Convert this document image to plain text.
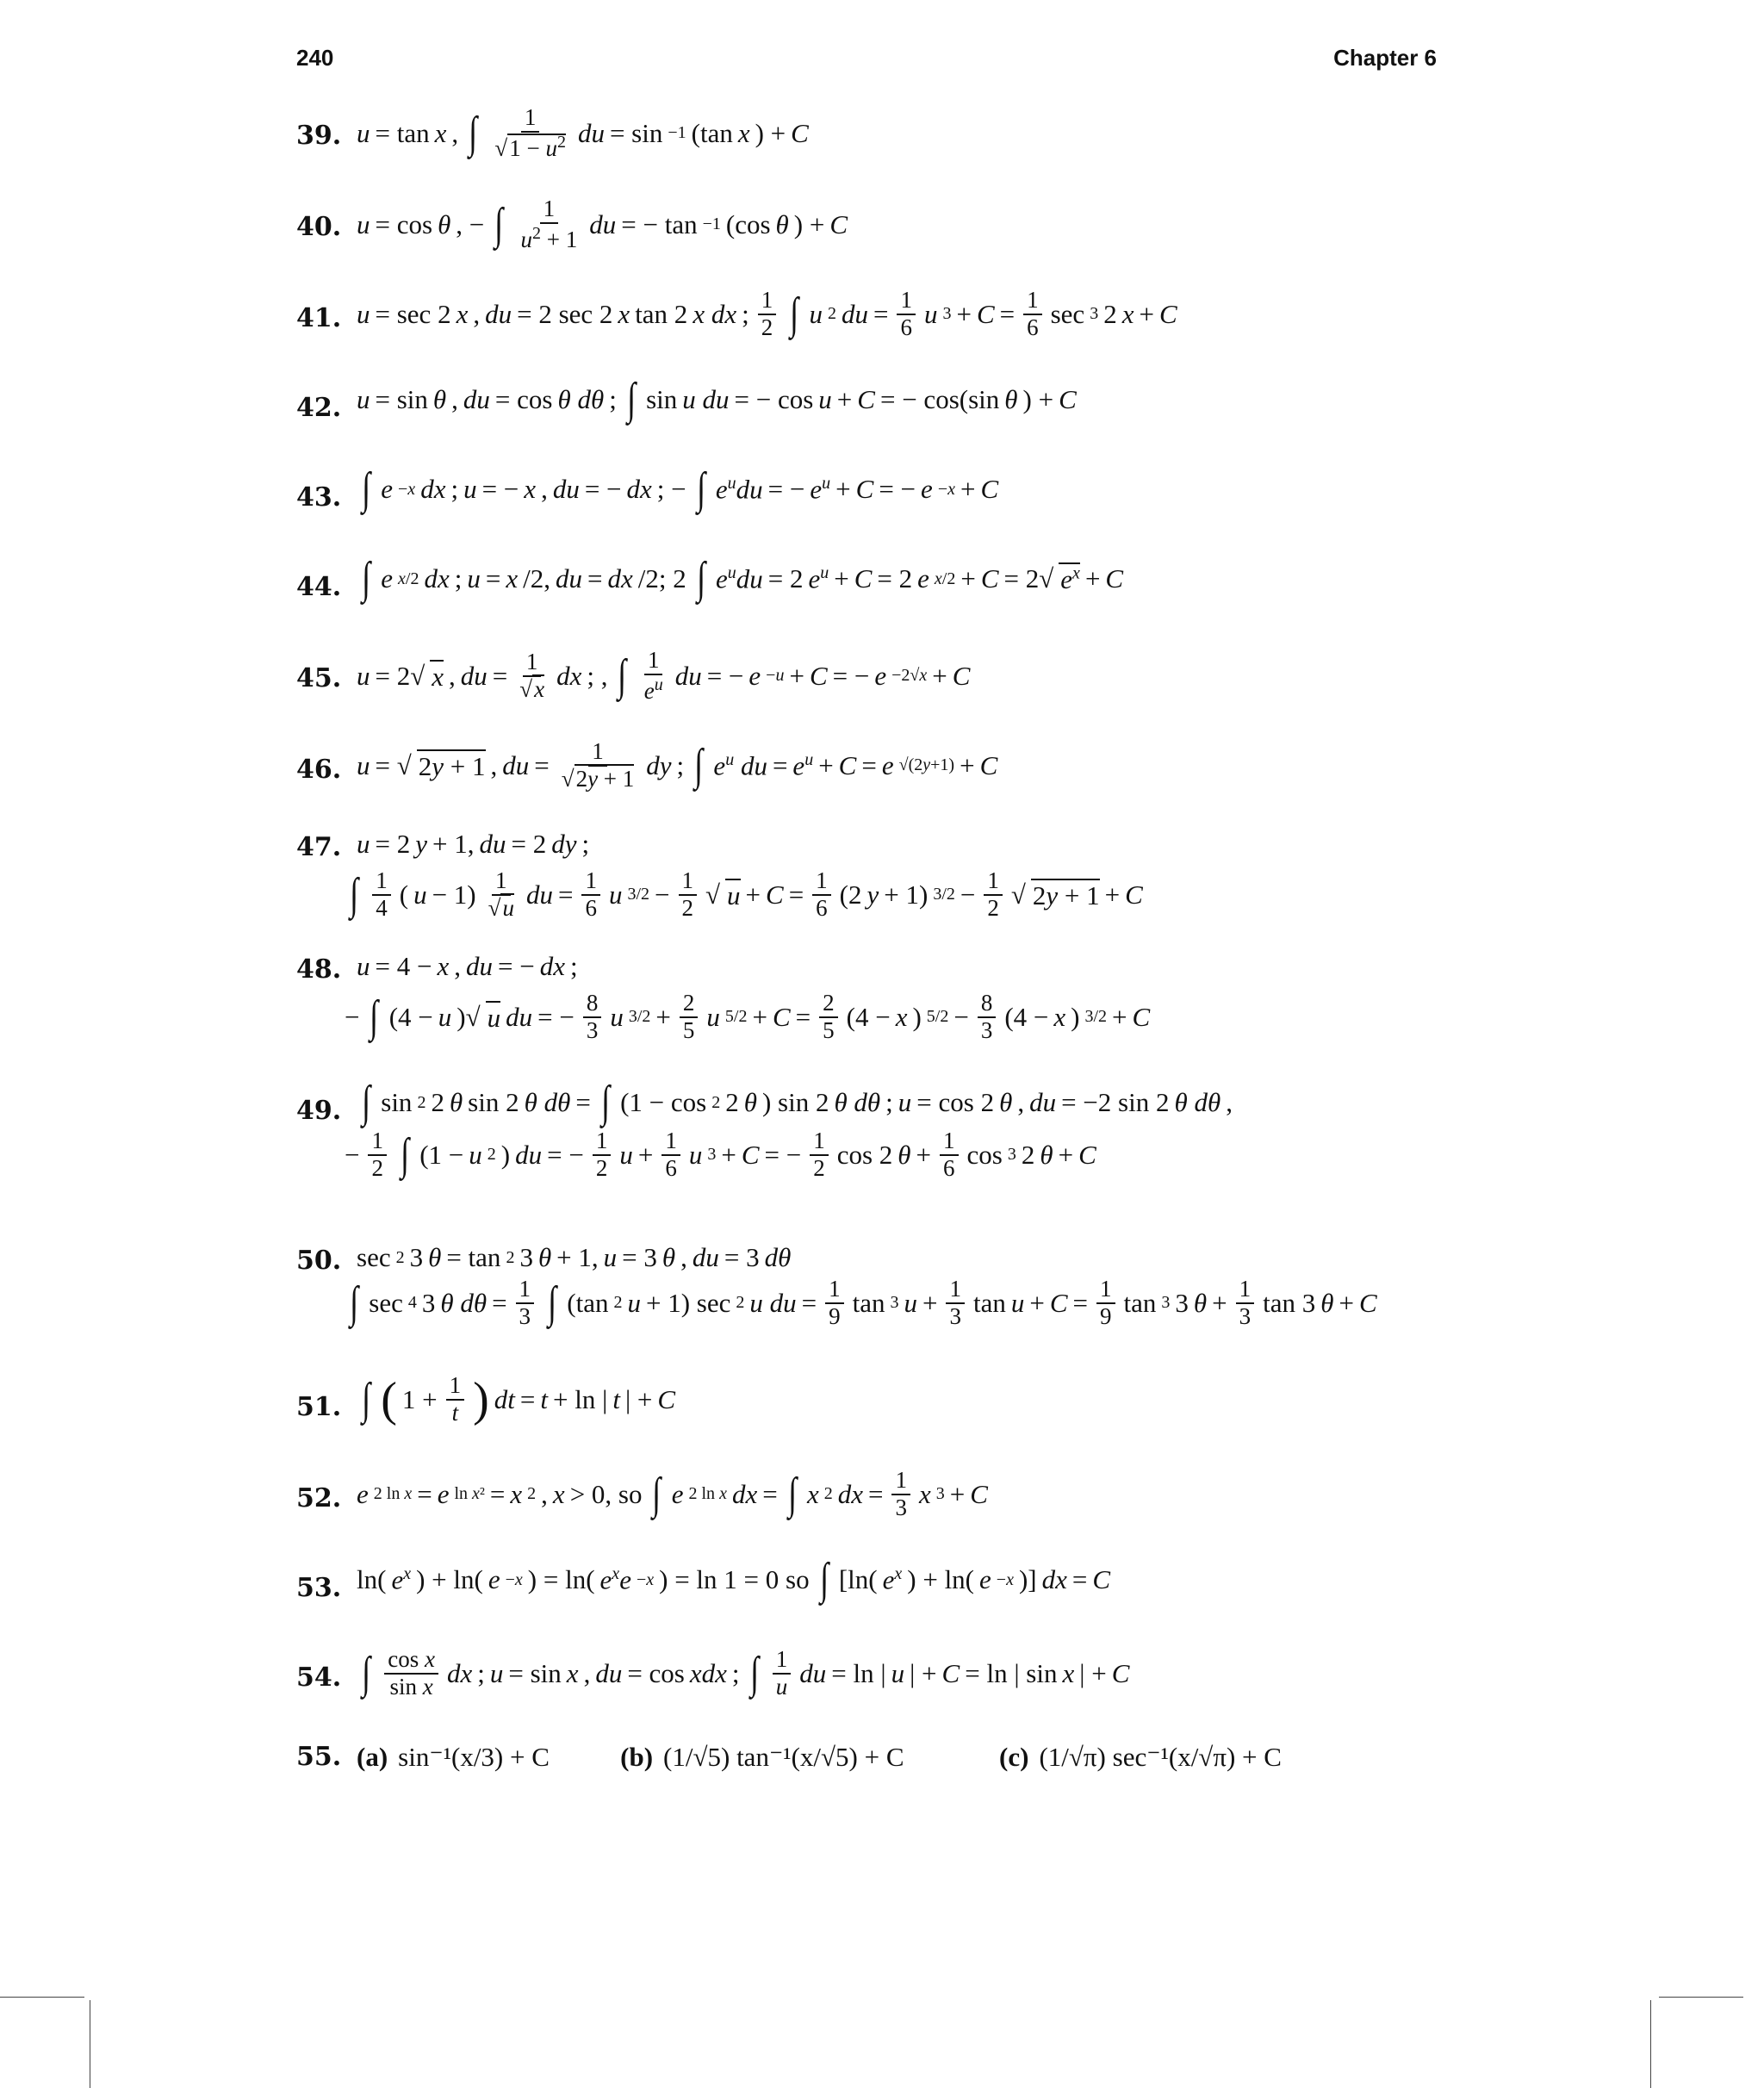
240	Chapter 6
39. u = tan x , ∫ $\frac{1}{√1 - u^2}$ du = sin −1 (tan x ) + C
40. u = cos θ , − ∫ $\frac{1}{u^2 + 1}$ du = − tan −1 (cos θ ) + C
41. u = sec 2 x , du = 2 sec 2 x tan 2 x dx ; $\frac{1}{2}$ ∫ u 2 du = $\frac{1}{6}$ u $3 + C = \frac{1}{6}$ sec 3 2 x + C
42. u = sin θ , du = cos θ dθ ; ∫ sin u du = − cos u + C = − cos(sin θ ) + C
43. ∫ e −x dx ; u = − x , du = − dx ; − ∫ $e^udu$ = − $e^u + C$ = − e −x + C
44. ∫ e x/2 dx ; u = x /2, du = dx /2; 2 ∫ $e^udu = 2$ $e^u + C = 2$ e x/2 + C = 2√ $e^x + C$
45. u = 2√ x , du = $\frac{1}{√x}$ dx ; , ∫ $\frac{1}{e^u}$ du = − e −u + C = − e −2√x + C
46. u = √ 2y + 1 , du = $\frac{1}{√2y + 1}$ dy ; ∫ $e^u$ du = $e^u + C = e$ √(2y+1) + C
47. u = 2 y + 1, du = 2 dy ;
∫ $\frac{1}{4}$ ( $u - 1) \frac{1}{√u}$ du = $\frac{1}{6}$ u $3/2 - \frac{1}{2}$ √ $u + C = \frac{1}{6} (2$ y + 1) $3/2 - \frac{1}{2}$ √ 2y + 1 + C
48. u = 4 − x , du = − dx ;
− ∫ (4 − u )√ u du = − $\frac{8}{3}$ u $3/2 + \frac{2}{5}$ u $5/2 + C = \frac{2}{5} (4 - x$ ) $5/2 - \frac{8}{3} (4 - x$ ) 3/2 + C
49. ∫ sin 2 2 θ sin 2 θ dθ = ∫ (1 − cos 2 2 θ ) sin 2 θ dθ ; u = cos 2 θ , du = −2 sin 2 θ dθ ,
− $\frac{1}{2}$ ∫ (1 − u 2 ) du = − $\frac{1}{2}$ $u + \frac{1}{6}$ u 3 + C = − $\frac{1}{2}$ cos 2 $\theta + \frac{1}{6}$ cos 3 2 θ + C
50. sec 2 3 θ = tan 2 3 θ + 1, u = 3 θ , du = 3 dθ
∫ sec 4 3 θ $d\theta = \frac{1}{3}$ ∫ (tan 2 u + 1) sec 2 u du = $\frac{1}{9}$ tan 3 $u + \frac{1}{3}$ $\tan u + C = \frac{1}{9}$ tan 3 3 $\theta + \frac{1}{3}$ tan 3 θ + C
51. ∫ ( $1 + \frac{1}{t}$ ) dt = t + ln | t | + C
52. e 2 ln x = e ln x² = x 2 , x > 0, so ∫ e 2 ln x dx = ∫ x 2 dx = $\frac{1}{3}$ x 3 + C
53. ln( $e^x$ ) + ln( e −x ) = ln( $e^xe -x$ ) = ln 1 = 0 so ∫ [ln( $e^x$ ) + ln( e −x )] dx = C
54. ∫ $\frac{\text{cos x}}{\text{sin x}}$ dx ; u = sin x , du = cos xdx ; ∫ $\frac{1}{u}$ du = ln | u | + C = ln | sin x | + C
55. (a) sin⁻¹(x/3) + C	(b) (1/√5) tan⁻¹(x/√5) + C	(c) (1/√π) sec⁻¹(x/√π) + C
